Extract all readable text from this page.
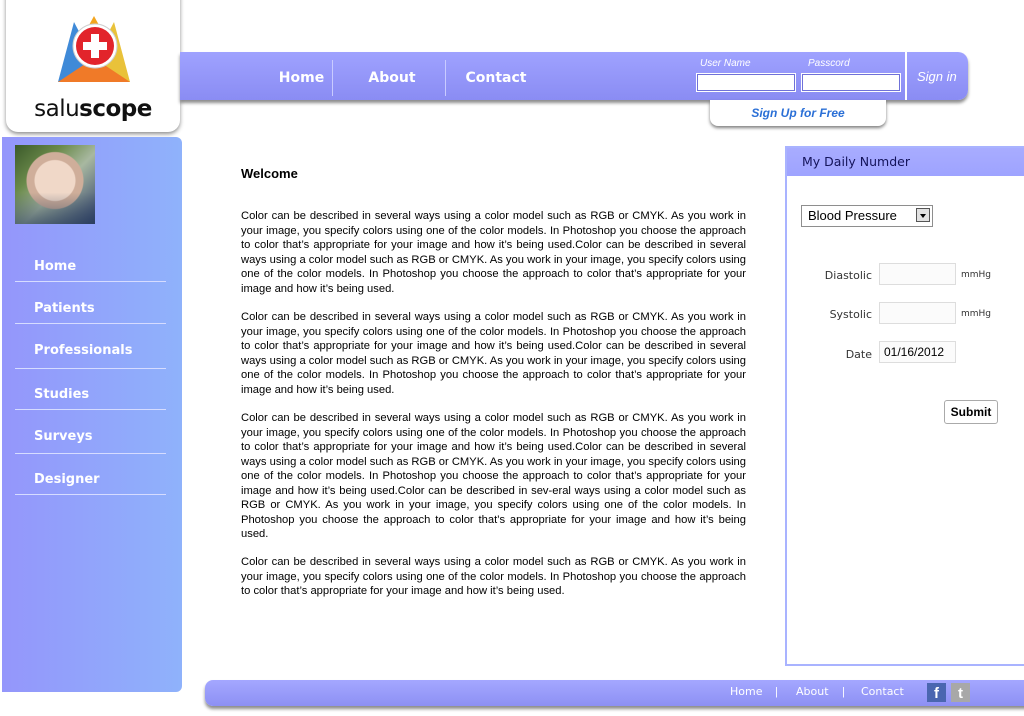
saluscope
Home	About	Contact
User Name	Passcord
Sign in
Sign Up for Free
Home
Patients
Professionals
Studies
Surveys
Designer
Welcome
Color can be described in several ways using a color model such as RGB or CMYK. As you work in your image, you specify colors using one of the color models. In Photoshop you choose the approach to color that’s appropriate for your image and how it’s being used.Color can be described in several ways using a color model such as RGB or CMYK. As you work in your image, you specify colors using one of the color models. In Photoshop you choose the approach to color that’s appropriate for your image and how it’s being used.
Color can be described in several ways using a color model such as RGB or CMYK. As you work in your image, you specify colors using one of the color models. In Photoshop you choose the approach to color that’s appropriate for your image and how it’s being used.Color can be described in several ways using a color model such as RGB or CMYK. As you work in your image, you specify colors using one of the color models. In Photoshop you choose the approach to color that’s appropriate for your image and how it’s being used.
Color can be described in several ways using a color model such as RGB or CMYK. As you work in your image, you specify colors using one of the color models. In Photoshop you choose the approach to color that’s appropriate for your image and how it’s being used.Color can be described in several ways using a color model such as RGB or CMYK. As you work in your image, you specify colors using one of the color models. In Photoshop you choose the approach to color that’s appropriate for your image and how it’s being used.Color can be described in sev-eral ways using a color model such as RGB or CMYK. As you work in your image, you specify colors using one of the color models. In Photoshop you choose the approach to color that’s appropriate for your image and how it’s being used.
Color can be described in several ways using a color model such as RGB or CMYK. As you work in your image, you specify colors using one of the color models. In Photoshop you choose the approach to color that’s appropriate for your image and how it’s being used.
My Daily Numder
Blood Pressure
Diastolic	mmHg
Systolic	mmHg
Date	01/16/2012
Submit
Home | About | Contact	f	t
